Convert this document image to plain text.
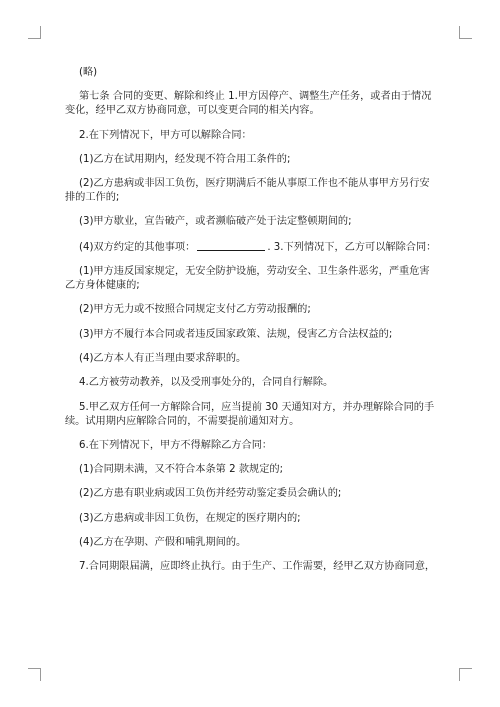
(略)

第七条 合同的变更、解除和终止 1.甲方因停产、调整生产任务，或者由于情况变化，经甲乙双方协商同意，可以变更合同的相关内容。

2.在下列情况下，甲方可以解除合同：

(1)乙方在试用期内，经发现不符合用工条件的;

(2)乙方患病或非因工负伤，医疗期满后不能从事原工作也不能从事甲方另行安排的工作的;

(3)甲方歇业，宣告破产，或者濒临破产处于法定整顿期间的;

(4)双方约定的其他事项：	. 3.下列情况下，乙方可以解除合同：

(1)甲方违反国家规定，无安全防护设施，劳动安全、卫生条件恶劣，严重危害乙方身体健康的;

(2)甲方无力或不按照合同规定支付乙方劳动报酬的;

(3)甲方不履行本合同或者违反国家政策、法规，侵害乙方合法权益的;

(4)乙方本人有正当理由要求辞职的。

4.乙方被劳动教养，以及受刑事处分的，合同自行解除。

5.甲乙双方任何一方解除合同，应当提前 30 天通知对方，并办理解除合同的手续。试用期内应解除合同的，不需要提前通知对方。

6.在下列情况下，甲方不得解除乙方合同：

(1)合同期未满，又不符合本条第 2 款规定的;

(2)乙方患有职业病或因工负伤并经劳动鉴定委员会确认的;

(3)乙方患病或非因工负伤，在规定的医疗期内的;

(4)乙方在孕期、产假和哺乳期间的。

7.合同期限届满，应即终止执行。由于生产、工作需要，经甲乙双方协商同意，
